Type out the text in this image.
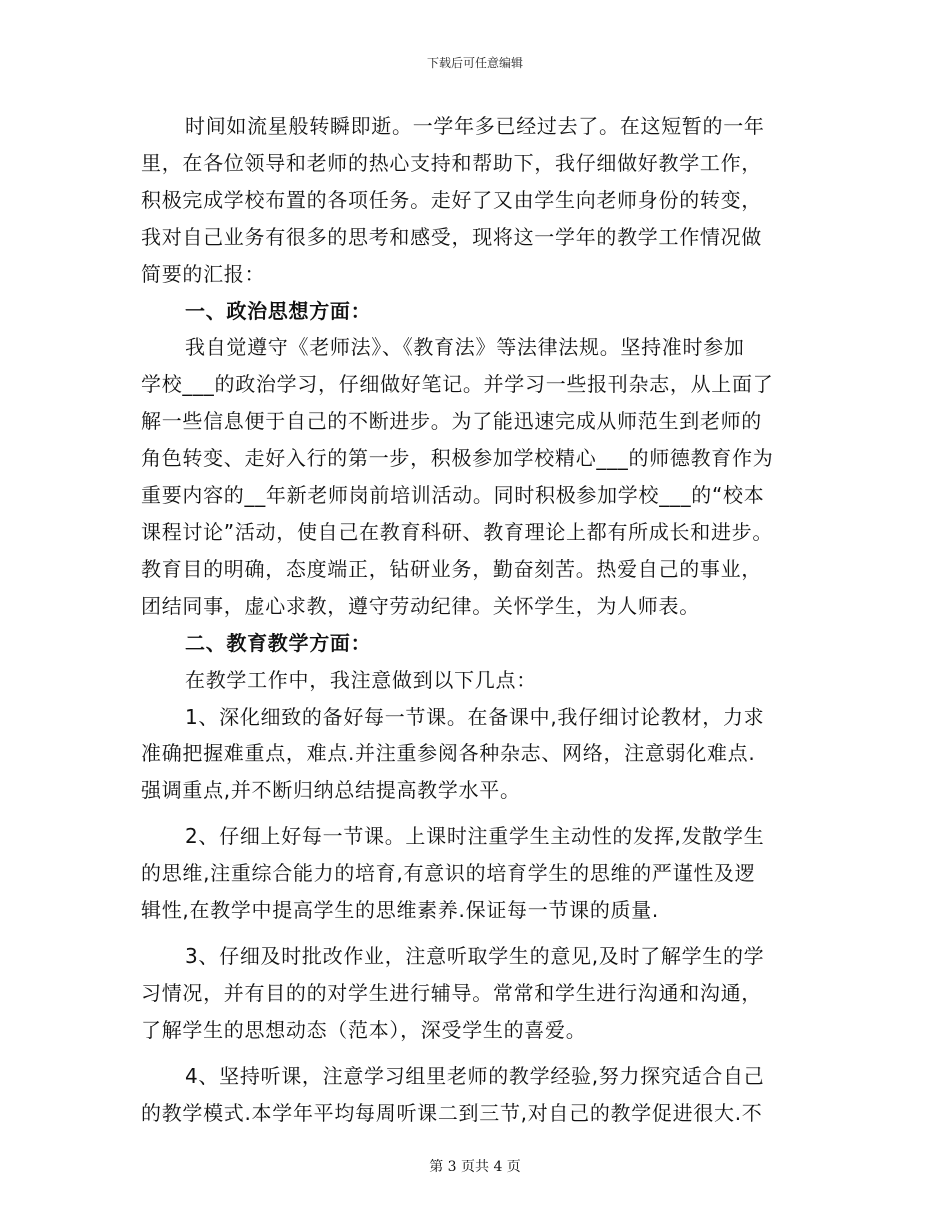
下载后可任意编辑

时间如流星般转瞬即逝。一学年多已经过去了。在这短暂的一年

里，在各位领导和老师的热心支持和帮助下，我仔细做好教学工作，

积极完成学校布置的各项任务。走好了又由学生向老师身份的转变，

我对自己业务有很多的思考和感受，现将这一学年的教学工作情况做

简要的汇报：

一、政治思想方面：

我自觉遵守《老师法》、《教育法》等法律法规。坚持准时参加

学校___的政治学习，仔细做好笔记。并学习一些报刊杂志，从上面了

解一些信息便于自己的不断进步。为了能迅速完成从师范生到老师的

角色转变、走好入行的第一步，积极参加学校精心___的师德教育作为

重要内容的__年新老师岗前培训活动。同时积极参加学校___的“校本

课程讨论”活动，使自己在教育科研、教育理论上都有所成长和进步。

教育目的明确，态度端正，钻研业务，勤奋刻苦。热爱自己的事业，

团结同事，虚心求教，遵守劳动纪律。关怀学生，为人师表。

二、教育教学方面：

在教学工作中，我注意做到以下几点：

1、深化细致的备好每一节课。在备课中,我仔细讨论教材，力求

准确把握难重点，难点.并注重参阅各种杂志、网络，注意弱化难点.

强调重点,并不断归纳总结提高教学水平。

2、仔细上好每一节课。上课时注重学生主动性的发挥,发散学生

的思维,注重综合能力的培育,有意识的培育学生的思维的严谨性及逻

辑性,在教学中提高学生的思维素养.保证每一节课的质量.

3、仔细及时批改作业，注意听取学生的意见,及时了解学生的学

习情况，并有目的的对学生进行辅导。常常和学生进行沟通和沟通，

了解学生的思想动态（范本），深受学生的喜爱。

4、坚持听课，注意学习组里老师的教学经验,努力探究适合自己

的教学模式.本学年平均每周听课二到三节,对自己的教学促进很大.不

第 3 页共 4 页
